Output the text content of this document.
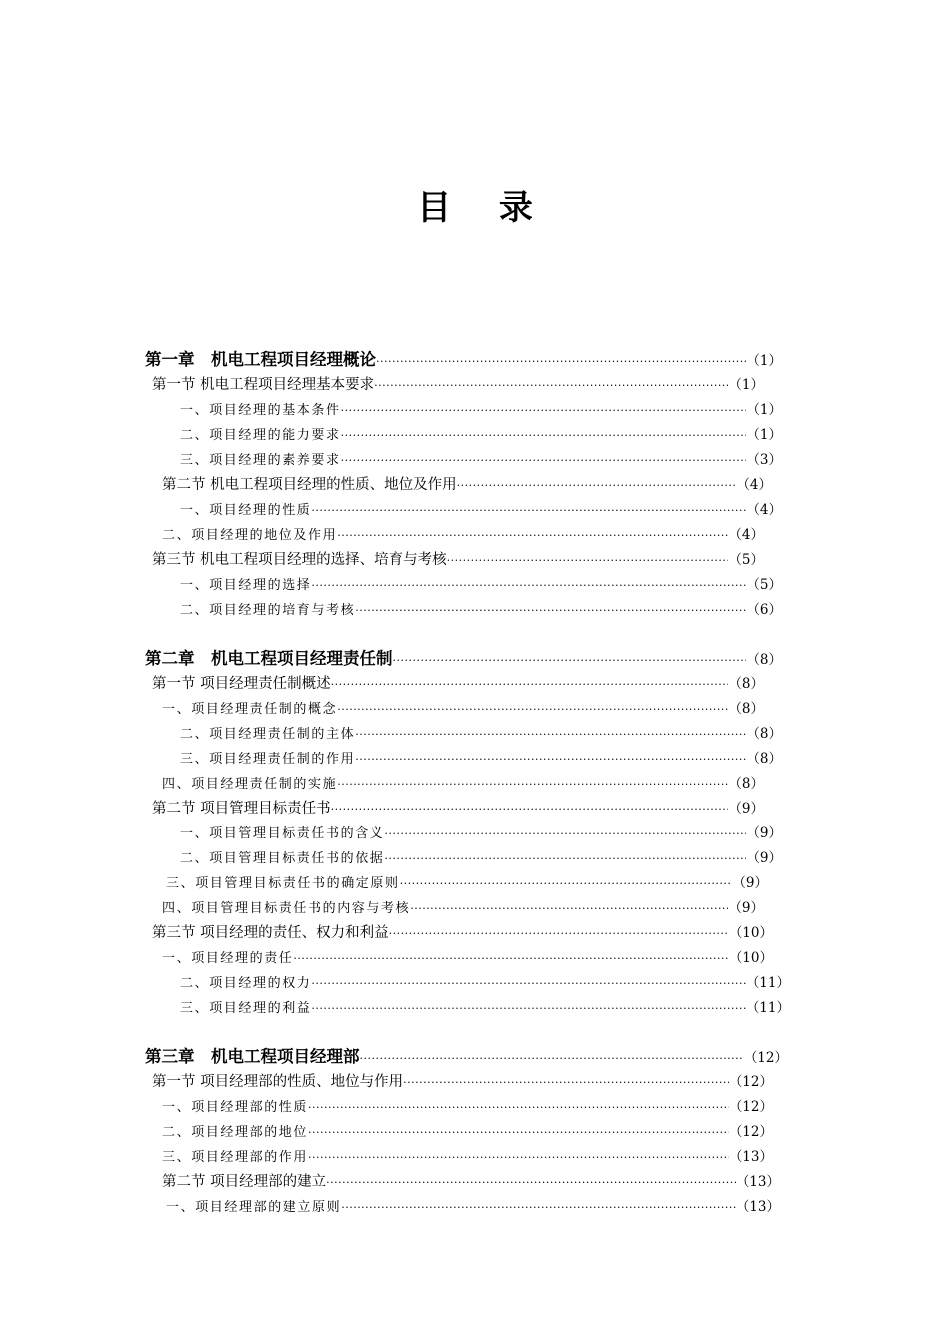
目 录
第一章　机电工程项目经理概论 ·····	（1）
第一节 机电工程项目经理基本要求 ·····	（1）
一、项目经理的基本条件 ·····	（1）
二、项目经理的能力要求 ·····	（1）
三、项目经理的素养要求 ·····	（3）
第二节 机电工程项目经理的性质、地位及作用 ·····	（4）
一、项目经理的性质 ·····	（4）
二、项目经理的地位及作用 ·····	（4）
第三节 机电工程项目经理的选择、培育与考核 ·····	（5）
一、项目经理的选择 ·····	（5）
二、项目经理的培育与考核 ·····	（6）
第二章　机电工程项目经理责任制 ·····	（8）
第一节 项目经理责任制概述 ·····	（8）
一、项目经理责任制的概念 ·····	（8）
二、项目经理责任制的主体 ·····	（8）
三、项目经理责任制的作用 ·····	（8）
四、项目经理责任制的实施 ·····	（8）
第二节 项目管理目标责任书 ·····	（9）
一、项目管理目标责任书的含义 ·····	（9）
二、项目管理目标责任书的依据 ·····	（9）
三、项目管理目标责任书的确定原则 ·····	（9）
四、项目管理目标责任书的内容与考核 ·····	（9）
第三节 项目经理的责任、权力和利益 ·····	（10）
一、项目经理的责任 ·····	（10）
二、项目经理的权力 ·····	（11）
三、项目经理的利益 ·····	（11）
第三章　机电工程项目经理部 ·····	（12）
第一节 项目经理部的性质、地位与作用 ·····	（12）
一、项目经理部的性质 ·····	（12）
二、项目经理部的地位 ·····	（12）
三、项目经理部的作用 ·····	（13）
第二节 项目经理部的建立 ·····	（13）
一、项目经理部的建立原则 ·····	（13）
